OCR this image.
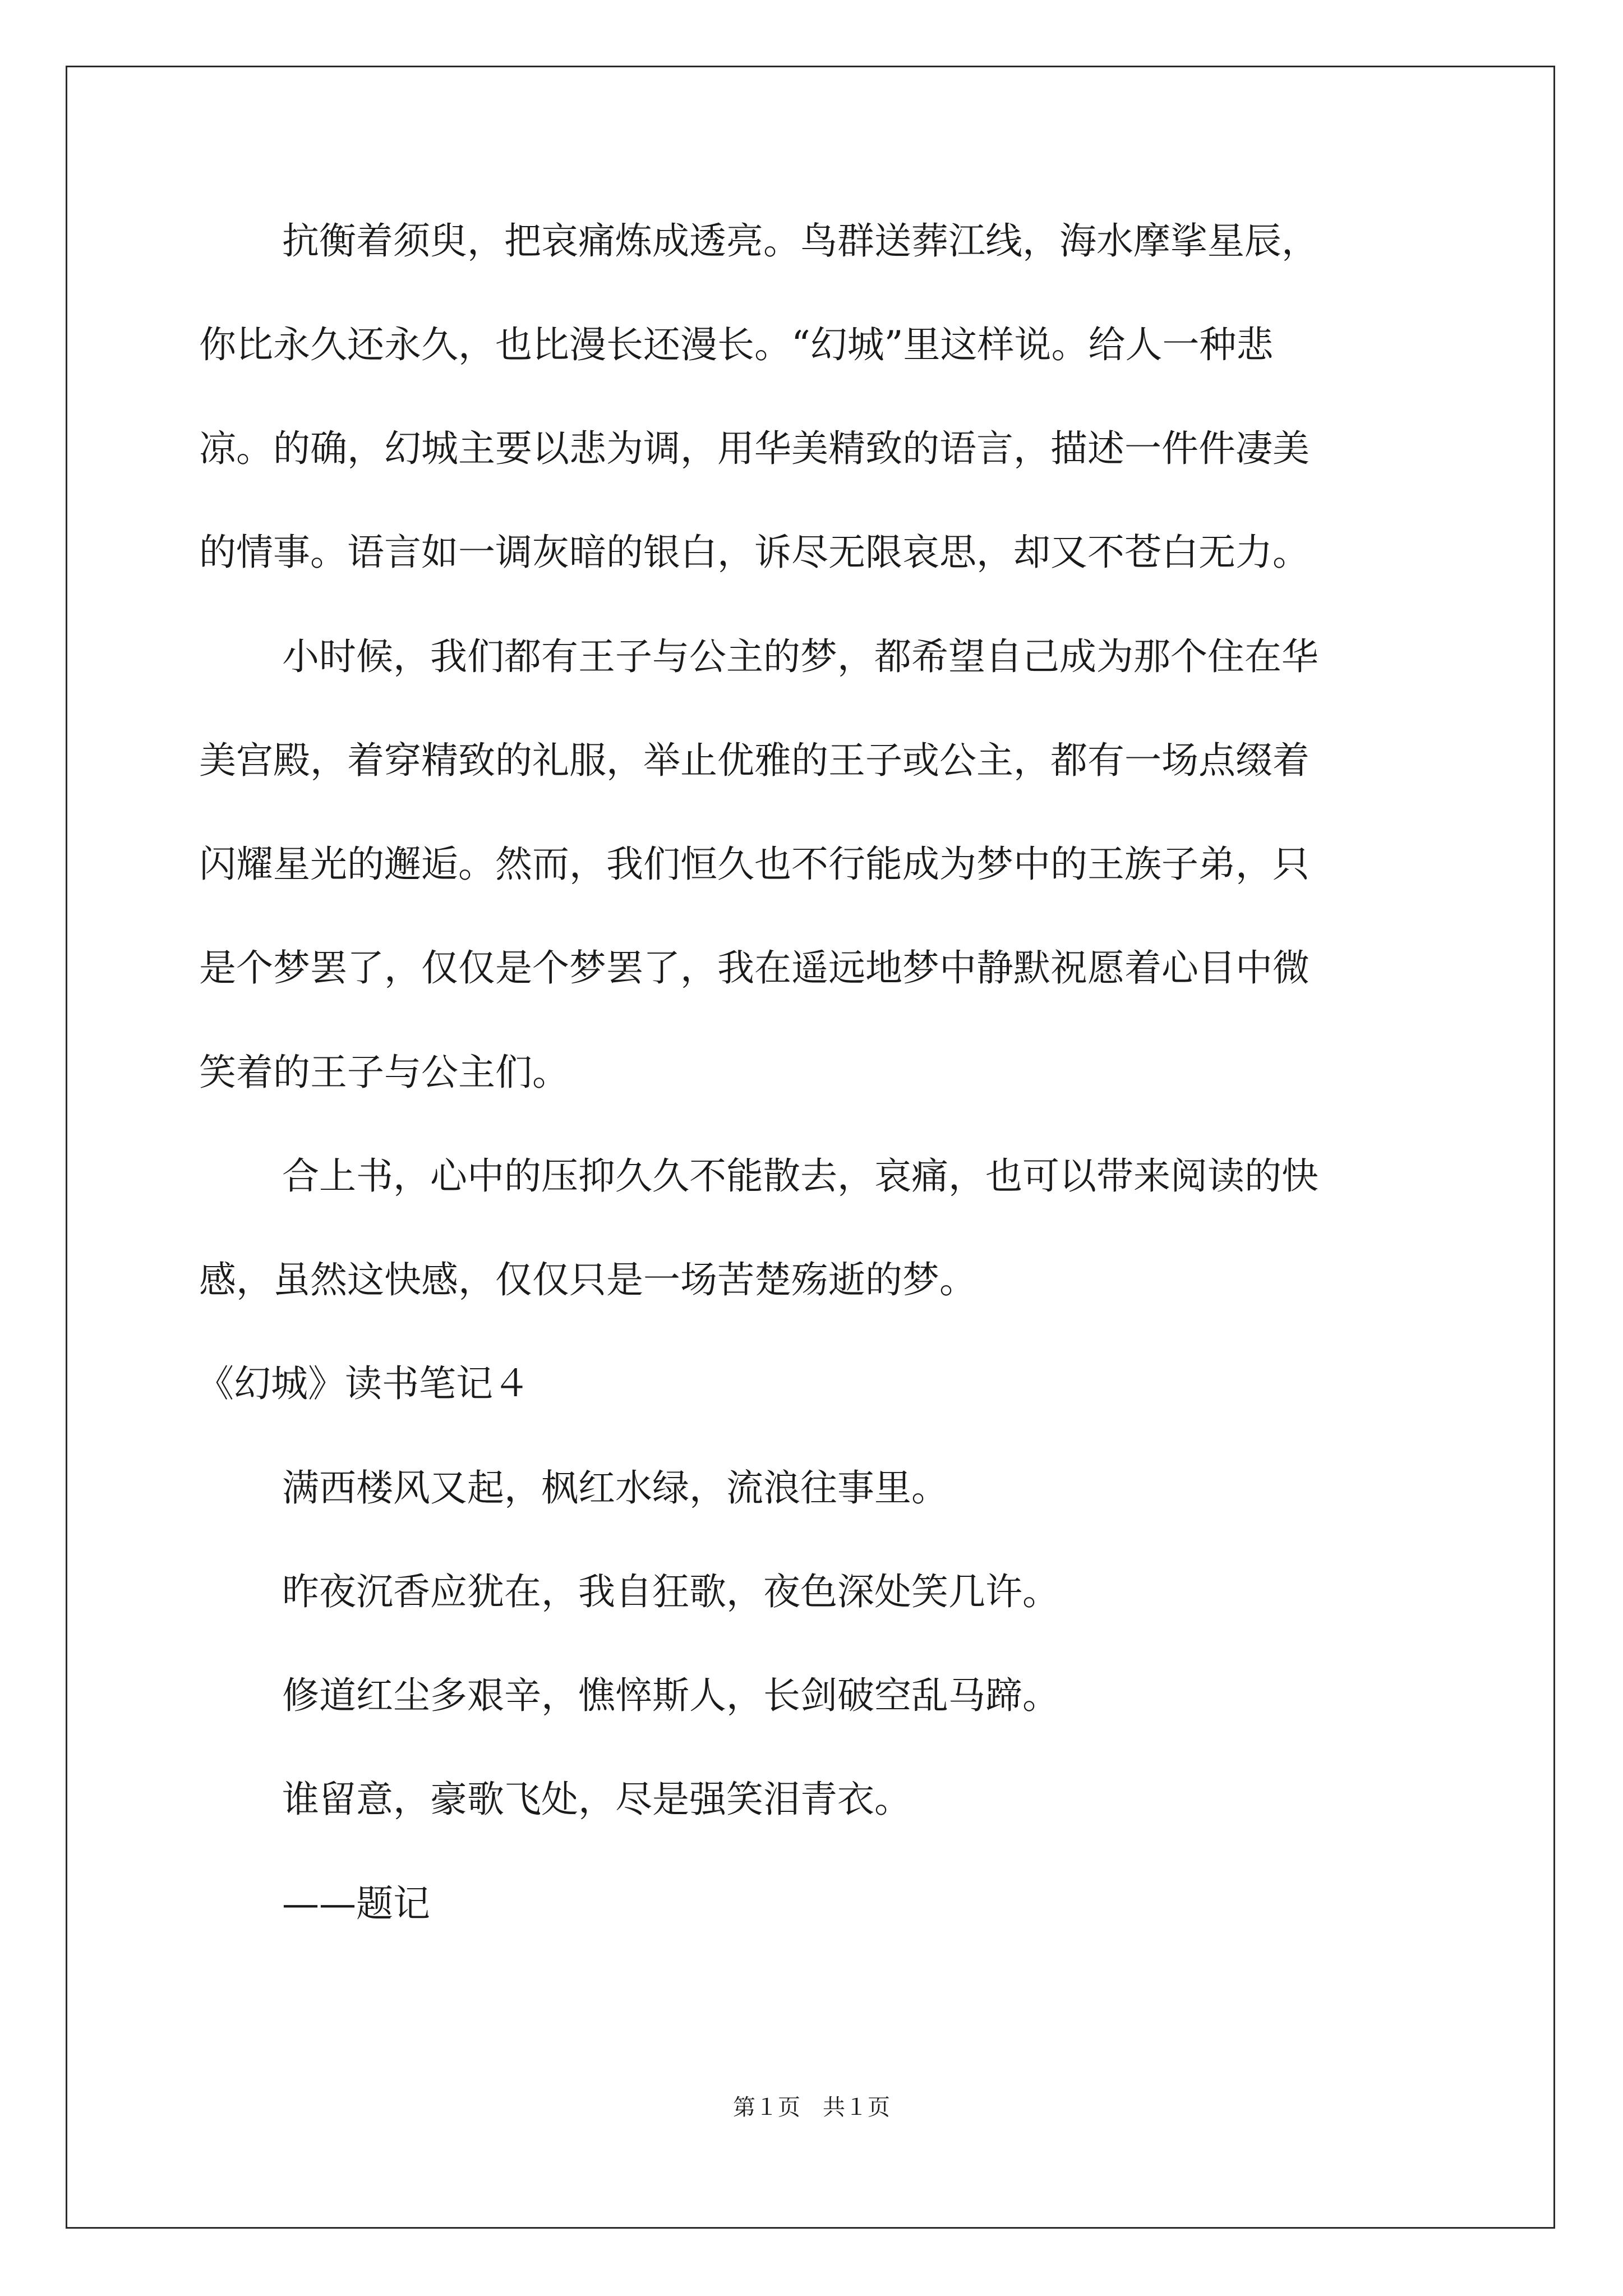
抗衡着须臾，把哀痛炼成透亮。鸟群送葬江线，海水摩挲星辰，
你比永久还永久，也比漫长还漫长。“幻城”里这样说。给人一种悲
凉。的确，幻城主要以悲为调，用华美精致的语言，描述一件件凄美
的情事。语言如一调灰暗的银白，诉尽无限哀思，却又不苍白无力。
小时候，我们都有王子与公主的梦，都希望自己成为那个住在华
美宫殿，着穿精致的礼服，举止优雅的王子或公主，都有一场点缀着
闪耀星光的邂逅。然而，我们恒久也不行能成为梦中的王族子弟，只
是个梦罢了，仅仅是个梦罢了，我在遥远地梦中静默祝愿着心目中微
笑着的王子与公主们。
合上书，心中的压抑久久不能散去，哀痛，也可以带来阅读的快
感，虽然这快感，仅仅只是一场苦楚殇逝的梦。
《幻城》读书笔记４
满西楼风又起，枫红水绿，流浪往事里。
昨夜沉香应犹在，我自狂歌，夜色深处笑几许。
修道红尘多艰辛，憔悴斯人，长剑破空乱马蹄。
谁留意，豪歌飞处，尽是强笑泪青衣。
——题记
第１页　共１页
